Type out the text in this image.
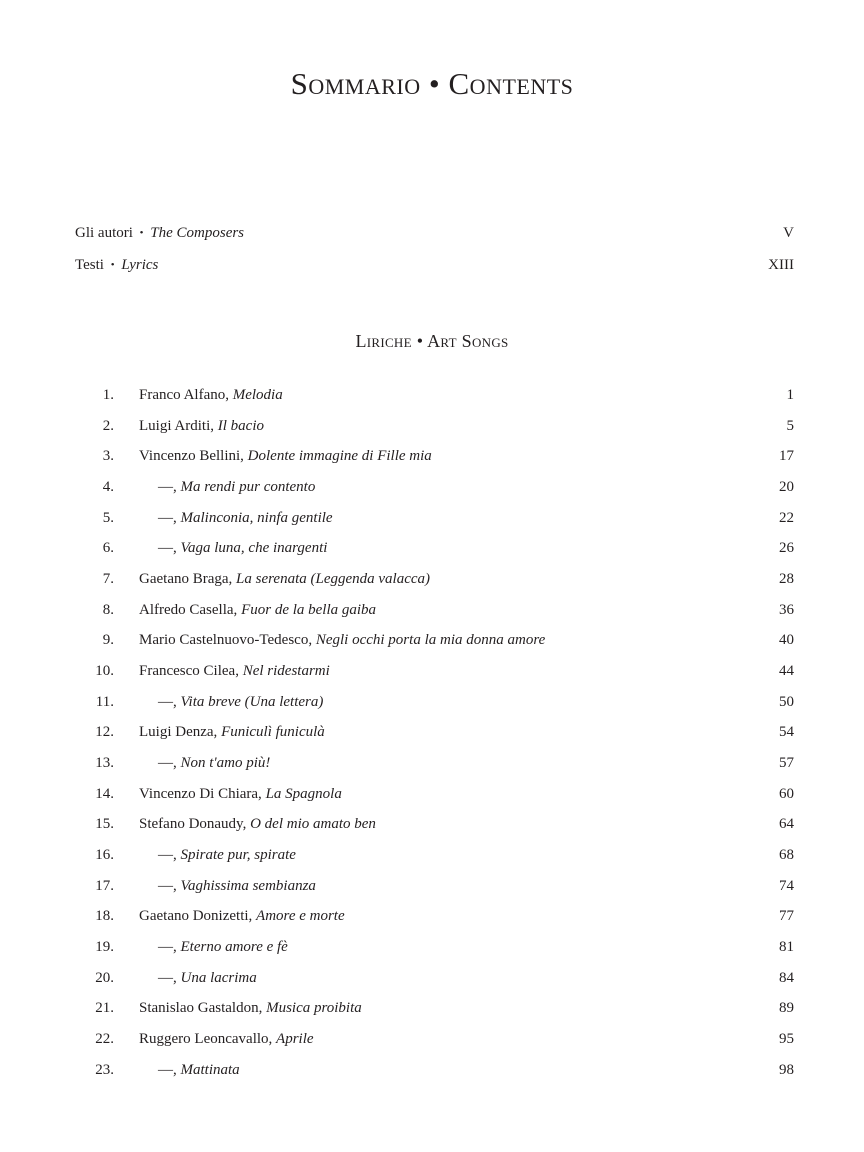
Sommario • Contents
Gli autori • The Composers	V
Testi • Lyrics	XIII
Liriche • Art Songs
1. Franco Alfano, Melodia	1
2. Luigi Arditi, Il bacio	5
3. Vincenzo Bellini, Dolente immagine di Fille mia	17
4.	—, Ma rendi pur contento	20
5.	—, Malinconia, ninfa gentile	22
6.	—, Vaga luna, che inargenti	26
7. Gaetano Braga, La serenata (Leggenda valacca)	28
8. Alfredo Casella, Fuor de la bella gaiba	36
9. Mario Castelnuovo-Tedesco, Negli occhi porta la mia donna amore	40
10. Francesco Cilea, Nel ridestarmi	44
11.	—, Vita breve (Una lettera)	50
12. Luigi Denza, Funiculì funiculà	54
13.	—, Non t'amo più!	57
14. Vincenzo Di Chiara, La Spagnola	60
15. Stefano Donaudy, O del mio amato ben	64
16.	—, Spirate pur, spirate	68
17.	—, Vaghissima sembianza	74
18. Gaetano Donizetti, Amore e morte	77
19.	—, Eterno amore e fè	81
20.	—, Una lacrima	84
21. Stanislao Gastaldon, Musica proibita	89
22. Ruggero Leoncavallo, Aprile	95
23.	—, Mattinata	98
